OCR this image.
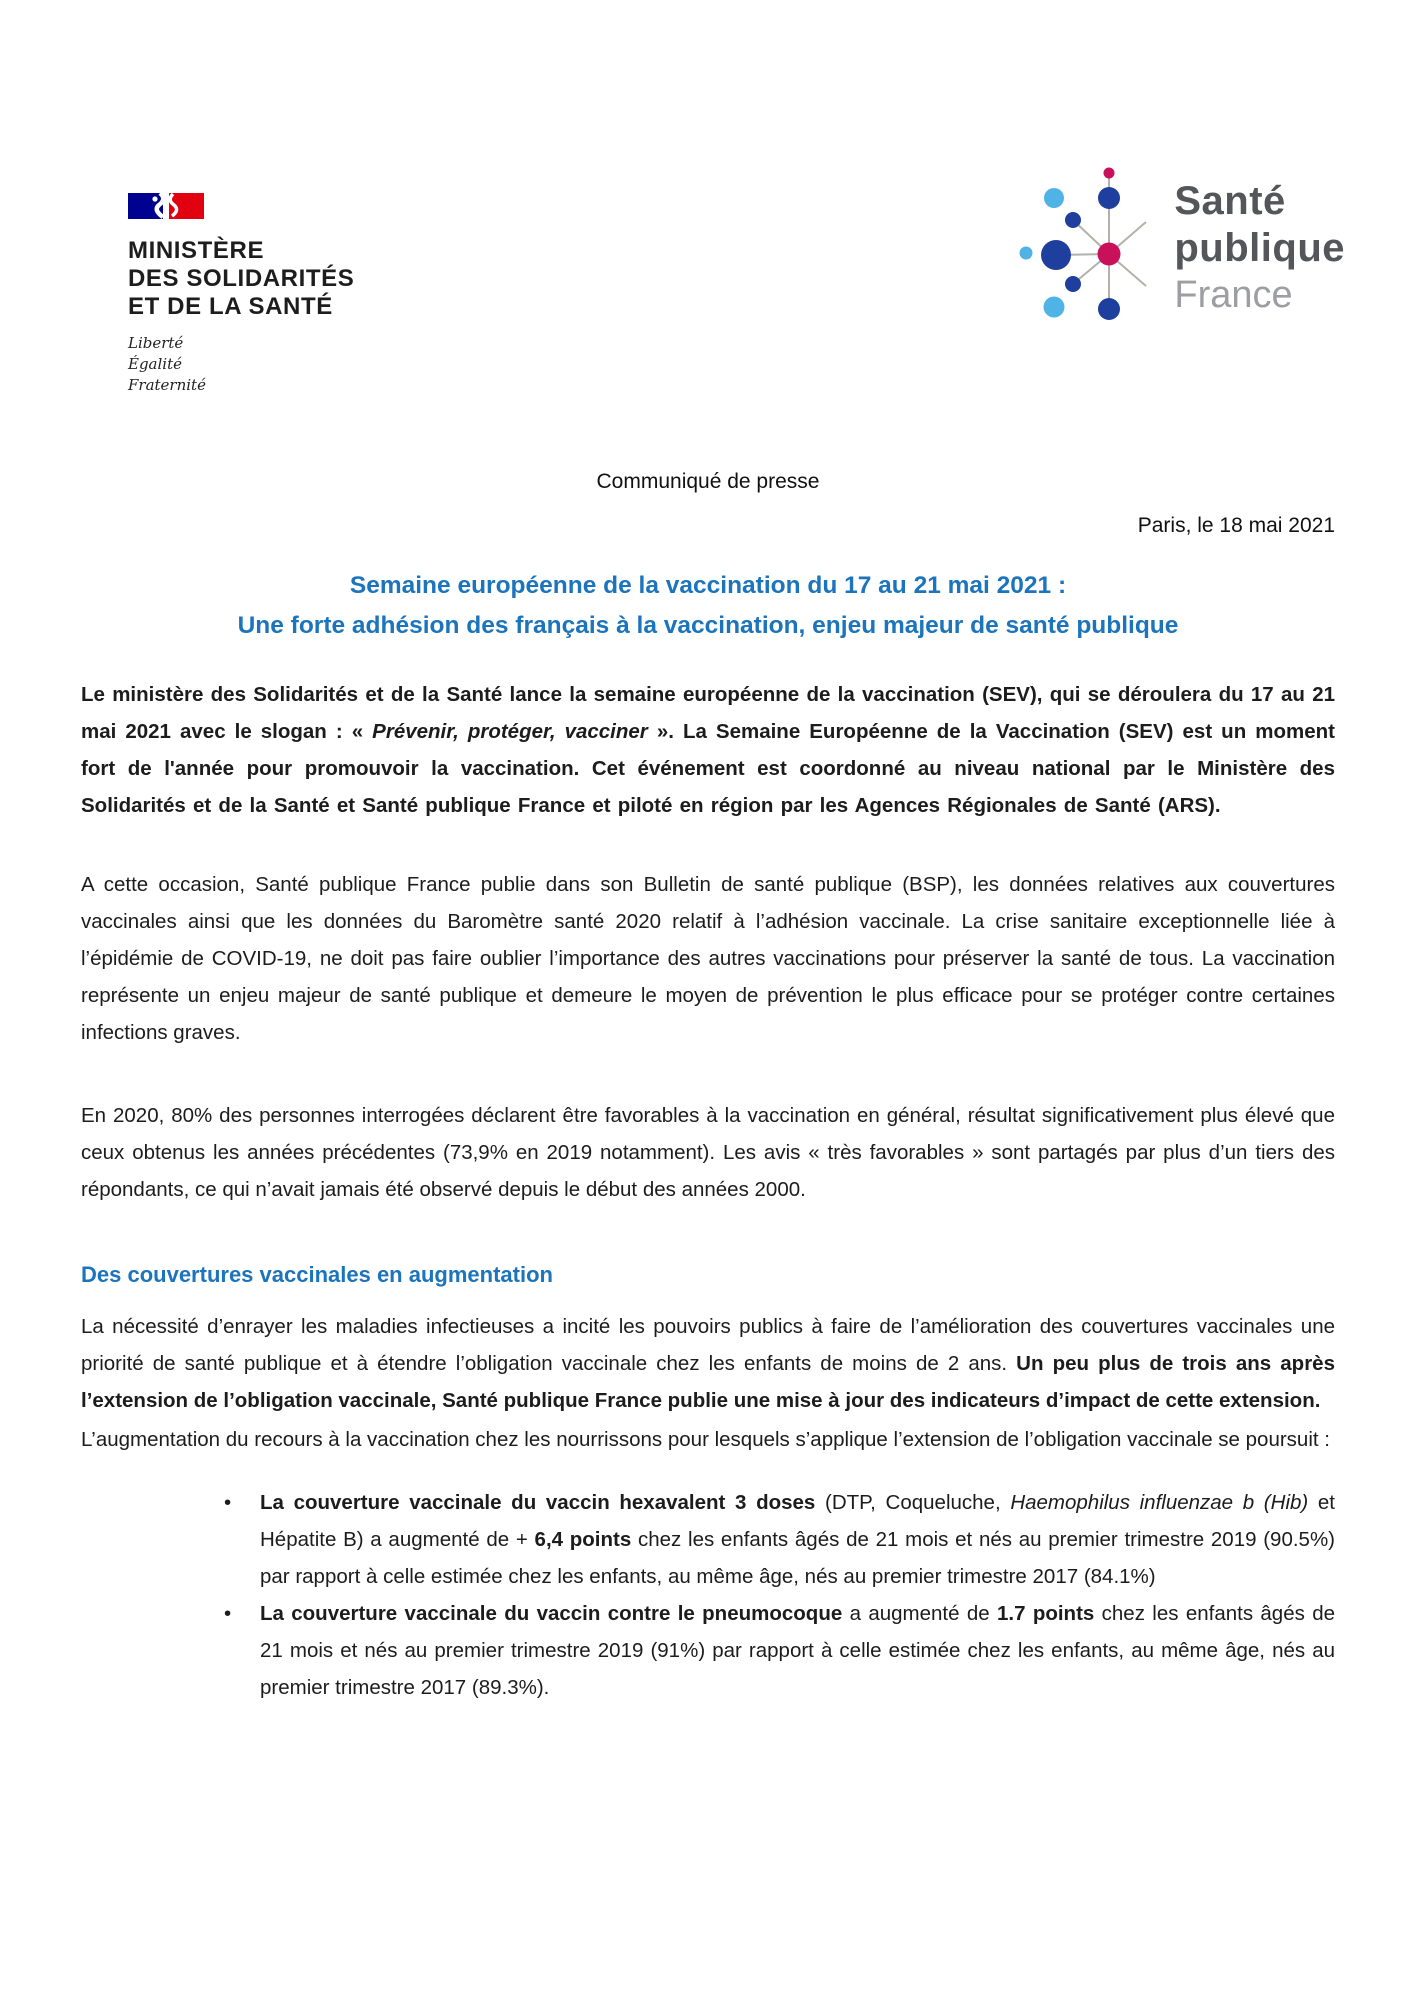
MINISTÈRE
DES SOLIDARITÉS
ET DE LA SANTÉ
Liberté
Égalité
Fraternité
Santé
publique
France
Communiqué de presse
Paris, le 18 mai 2021
Semaine européenne de la vaccination du 17 au 21 mai 2021 :
Une forte adhésion des français à la vaccination, enjeu majeur de santé publique

Le ministère des Solidarités et de la Santé lance la semaine européenne de la vaccination (SEV), qui se déroulera du 17 au 21 mai 2021 avec le slogan : « Prévenir, protéger, vacciner ». La Semaine Européenne de la Vaccination (SEV) est un moment fort de l'année pour promouvoir la vaccination. Cet événement est coordonné au niveau national par le Ministère des Solidarités et de la Santé et Santé publique France et piloté en région par les Agences Régionales de Santé (ARS).

A cette occasion, Santé publique France publie dans son Bulletin de santé publique (BSP), les données relatives aux couvertures vaccinales ainsi que les données du Baromètre santé 2020 relatif à l’adhésion vaccinale. La crise sanitaire exceptionnelle liée à l’épidémie de COVID-19, ne doit pas faire oublier l’importance des autres vaccinations pour préserver la santé de tous. La vaccination représente un enjeu majeur de santé publique et demeure le moyen de prévention le plus efficace pour se protéger contre certaines infections graves.

En 2020, 80% des personnes interrogées déclarent être favorables à la vaccination en général, résultat significativement plus élevé que ceux obtenus les années précédentes (73,9% en 2019 notamment). Les avis « très favorables » sont partagés par plus d’un tiers des répondants, ce qui n’avait jamais été observé depuis le début des années 2000.

Des couvertures vaccinales en augmentation

La nécessité d’enrayer les maladies infectieuses a incité les pouvoirs publics à faire de l’amélioration des couvertures vaccinales une priorité de santé publique et à étendre l’obligation vaccinale chez les enfants de moins de 2 ans. Un peu plus de trois ans après l’extension de l’obligation vaccinale, Santé publique France publie une mise à jour des indicateurs d’impact de cette extension.

L’augmentation du recours à la vaccination chez les nourrissons pour lesquels s’applique l’extension de l’obligation vaccinale se poursuit :

• La couverture vaccinale du vaccin hexavalent 3 doses (DTP, Coqueluche, Haemophilus influenzae b (Hib) et Hépatite B) a augmenté de + 6,4 points chez les enfants âgés de 21 mois et nés au premier trimestre 2019 (90.5%) par rapport à celle estimée chez les enfants, au même âge, nés au premier trimestre 2017 (84.1%)
• La couverture vaccinale du vaccin contre le pneumocoque a augmenté de 1.7 points chez les enfants âgés de 21 mois et nés au premier trimestre 2019 (91%) par rapport à celle estimée chez les enfants, au même âge, nés au premier trimestre 2017 (89.3%).
